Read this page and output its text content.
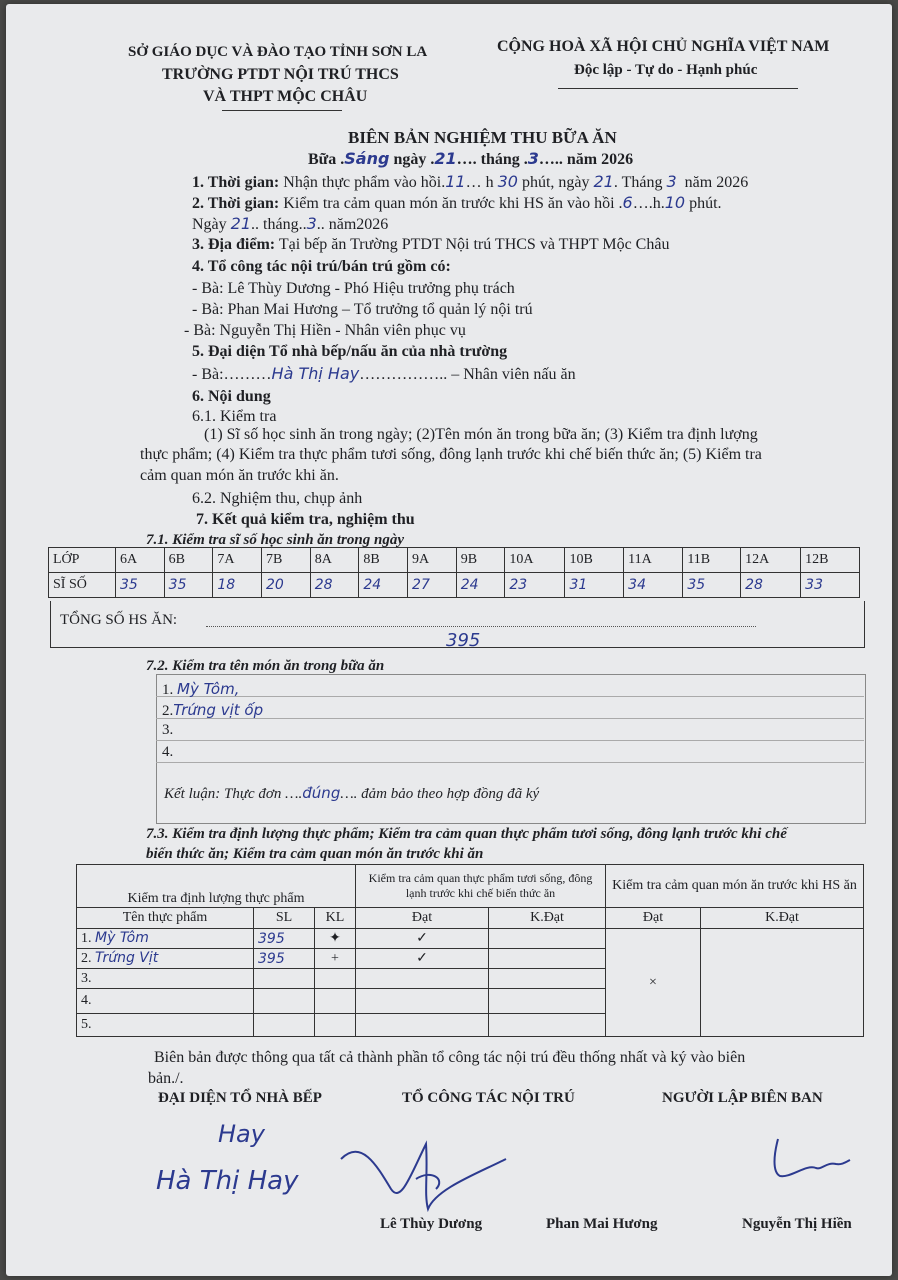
SỞ GIÁO DỤC VÀ ĐÀO TẠO TỈNH SƠN LA
TRƯỜNG PTDT NỘI TRÚ THCS
VÀ THPT MỘC CHÂU
CỘNG HOÀ XÃ HỘI CHỦ NGHĨA VIỆT NAM
Độc lập - Tự do - Hạnh phúc
BIÊN BẢN NGHIỆM THU BỮA ĂN
Bữa .Sáng ngày .21…. tháng .3….. năm 2026
1. Thời gian: Nhận thực phẩm vào hồi.11… h 30 phút, ngày 21. Tháng 3 năm 2026
2. Thời gian: Kiểm tra cảm quan món ăn trước khi HS ăn vào hồi .6….h.10 phút.
Ngày 21.. tháng..3.. năm2026
3. Địa điểm: Tại bếp ăn Trường PTDT Nội trú THCS và THPT Mộc Châu
4. Tổ công tác nội trú/bán trú gồm có:
- Bà: Lê Thùy Dương - Phó Hiệu trưởng phụ trách
- Bà: Phan Mai Hương – Tổ trưởng tổ quản lý nội trú
- Bà: Nguyễn Thị Hiền - Nhân viên phục vụ
5. Đại diện Tổ nhà bếp/nấu ăn của nhà trường
- Bà:………Hà Thị Hay…………….. – Nhân viên nấu ăn
6. Nội dung
6.1. Kiểm tra
(1) Sĩ số học sinh ăn trong ngày; (2)Tên món ăn trong bữa ăn; (3) Kiểm tra định lượng
thực phẩm; (4) Kiểm tra thực phẩm tươi sống, đông lạnh trước khi chế biến thức ăn; (5) Kiểm tra
cảm quan món ăn trước khi ăn.
6.2. Nghiệm thu, chụp ảnh
7. Kết quả kiểm tra, nghiệm thu
7.1. Kiểm tra sĩ số học sinh ăn trong ngày
LỚP	6A	6B	7A	7B	8A	8B	9A	9B	10A	10B	11A	11B	12A	12B
SĨ SỐ	35	35	18	20	28	24	27	24	23	31	34	35	28	33
TỔNG SỐ HS ĂN:
395
7.2. Kiểm tra tên món ăn trong bữa ăn
1. Mỳ Tôm,
2.Trứng vịt ốp
3.
4.
Kết luận: Thực đơn ….đúng…. đảm bảo theo hợp đồng đã ký
7.3. Kiểm tra định lượng thực phẩm; Kiểm tra cảm quan thực phẩm tươi sống, đông lạnh trước khi chế
biến thức ăn; Kiểm tra cảm quan món ăn trước khi ăn
Kiểm tra định lượng thực phẩm			Kiểm tra cảm quan thực phẩm tươi sống, đông lạnh trước khi chế biến thức ăn		Kiểm tra cảm quan món ăn trước khi HS ăn	
Tên thực phẩm	SL	KL	Đạt	K.Đạt	Đạt	K.Đạt
1. Mỳ Tôm	395	✦	✓		×	
2. Trứng Vịt	395	+	✓			
3.						
4.						
5.						
Biên bản được thông qua tất cả thành phần tổ công tác nội trú đều thống nhất và ký vào biên
bản./.
ĐẠI DIỆN TỔ NHÀ BẾP	TỔ CÔNG TÁC NỘI TRÚ	NGƯỜI LẬP BIÊN BAN
Hay
Hà Thị Hay
Lê Thùy Dương	Phan Mai Hương	Nguyễn Thị Hiền
